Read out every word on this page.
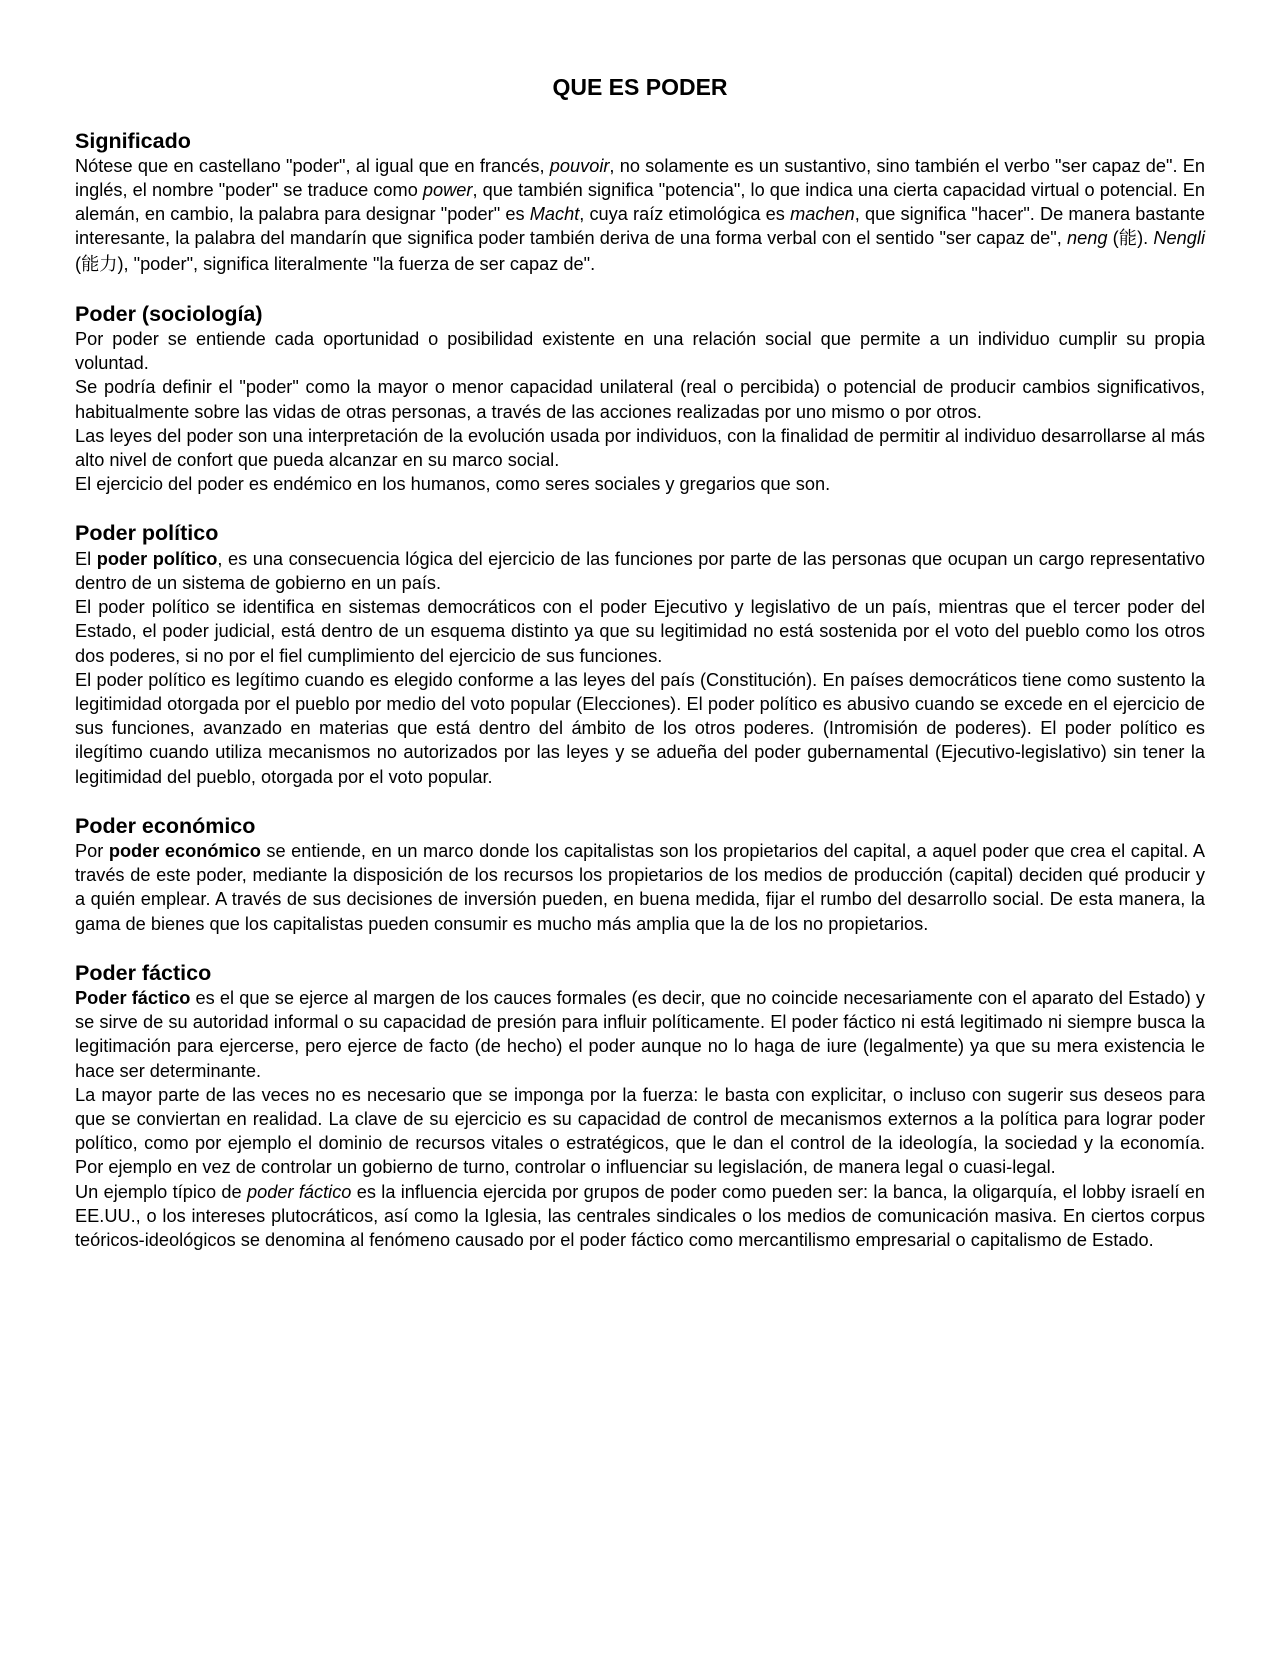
QUE ES PODER
Significado

Nótese que en castellano "poder", al igual que en francés, pouvoir, no solamente es un sustantivo, sino también el verbo "ser capaz de". En inglés, el nombre "poder" se traduce como power, que también significa "potencia", lo que indica una cierta capacidad virtual o potencial. En alemán, en cambio, la palabra para designar "poder" es Macht, cuya raíz etimológica es machen, que significa "hacer". De manera bastante interesante, la palabra del mandarín que significa poder también deriva de una forma verbal con el sentido "ser capaz de", neng (能). Nengli (能力), "poder", significa literalmente "la fuerza de ser capaz de".

Poder (sociología)

Por poder se entiende cada oportunidad o posibilidad existente en una relación social que permite a un individuo cumplir su propia voluntad.

Se podría definir el "poder" como la mayor o menor capacidad unilateral (real o percibida) o potencial de producir cambios significativos, habitualmente sobre las vidas de otras personas, a través de las acciones realizadas por uno mismo o por otros.

Las leyes del poder son una interpretación de la evolución usada por individuos, con la finalidad de permitir al individuo desarrollarse al más alto nivel de confort que pueda alcanzar en su marco social.

El ejercicio del poder es endémico en los humanos, como seres sociales y gregarios que son.

Poder político

El poder político, es una consecuencia lógica del ejercicio de las funciones por parte de las personas que ocupan un cargo representativo dentro de un sistema de gobierno en un país.

El poder político se identifica en sistemas democráticos con el poder Ejecutivo y legislativo de un país, mientras que el tercer poder del Estado, el poder judicial, está dentro de un esquema distinto ya que su legitimidad no está sostenida por el voto del pueblo como los otros dos poderes, si no por el fiel cumplimiento del ejercicio de sus funciones.

El poder político es legítimo cuando es elegido conforme a las leyes del país (Constitución). En países democráticos tiene como sustento la legitimidad otorgada por el pueblo por medio del voto popular (Elecciones). El poder político es abusivo cuando se excede en el ejercicio de sus funciones, avanzado en materias que está dentro del ámbito de los otros poderes. (Intromisión de poderes). El poder político es ilegítimo cuando utiliza mecanismos no autorizados por las leyes y se adueña del poder gubernamental (Ejecutivo-legislativo) sin tener la legitimidad del pueblo, otorgada por el voto popular.

Poder económico

Por poder económico se entiende, en un marco donde los capitalistas son los propietarios del capital, a aquel poder que crea el capital. A través de este poder, mediante la disposición de los recursos los propietarios de los medios de producción (capital) deciden qué producir y a quién emplear. A través de sus decisiones de inversión pueden, en buena medida, fijar el rumbo del desarrollo social. De esta manera, la gama de bienes que los capitalistas pueden consumir es mucho más amplia que la de los no propietarios.

Poder fáctico

Poder fáctico es el que se ejerce al margen de los cauces formales (es decir, que no coincide necesariamente con el aparato del Estado) y se sirve de su autoridad informal o su capacidad de presión para influir políticamente. El poder fáctico ni está legitimado ni siempre busca la legitimación para ejercerse, pero ejerce de facto (de hecho) el poder aunque no lo haga de iure (legalmente) ya que su mera existencia le hace ser determinante.

La mayor parte de las veces no es necesario que se imponga por la fuerza: le basta con explicitar, o incluso con sugerir sus deseos para que se conviertan en realidad. La clave de su ejercicio es su capacidad de control de mecanismos externos a la política para lograr poder político, como por ejemplo el dominio de recursos vitales o estratégicos, que le dan el control de la ideología, la sociedad y la economía. Por ejemplo en vez de controlar un gobierno de turno, controlar o influenciar su legislación, de manera legal o cuasi-legal.

Un ejemplo típico de poder fáctico es la influencia ejercida por grupos de poder como pueden ser: la banca, la oligarquía, el lobby israelí en EE.UU., o los intereses plutocráticos, así como la Iglesia, las centrales sindicales o los medios de comunicación masiva. En ciertos corpus teóricos-ideológicos se denomina al fenómeno causado por el poder fáctico como mercantilismo empresarial o capitalismo de Estado.
